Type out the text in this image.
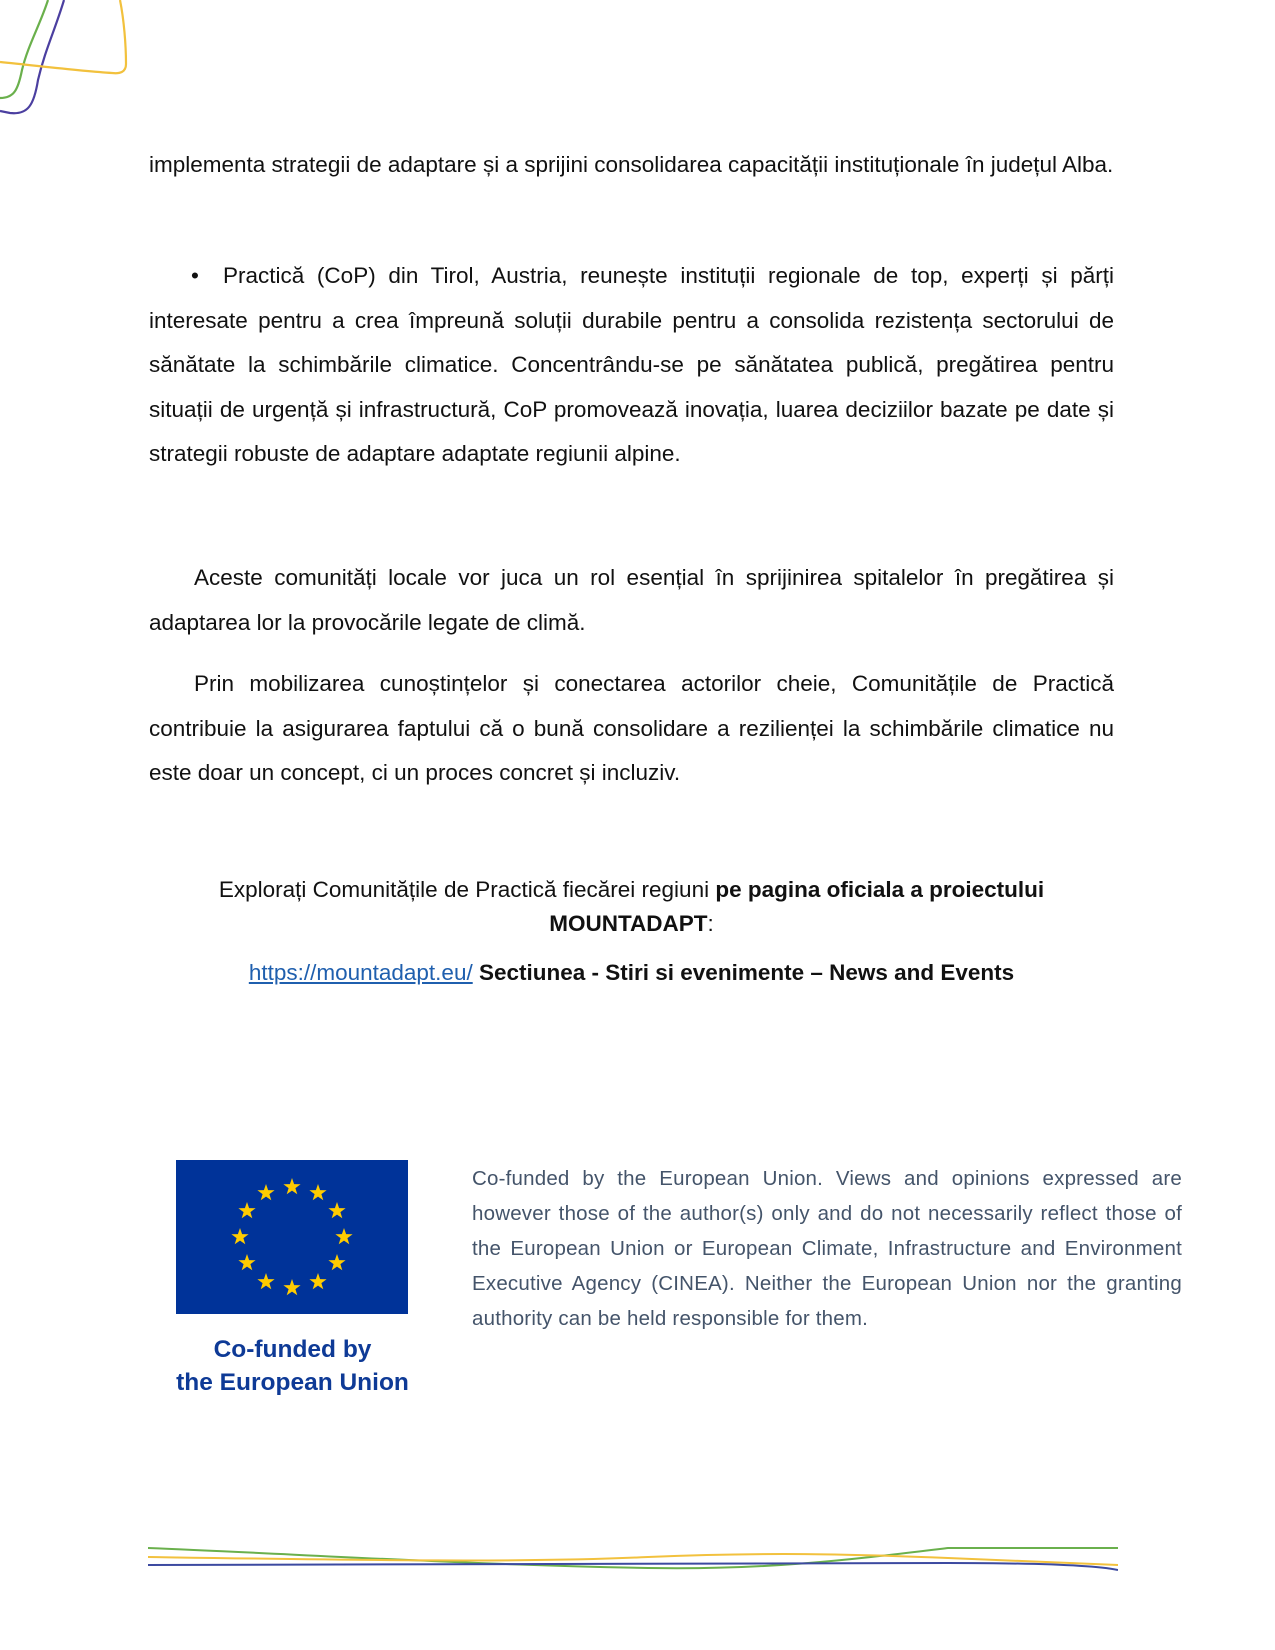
implementa strategii de adaptare și a sprijini consolidarea capacității instituționale în județul Alba.

• Practică (CoP) din Tirol, Austria, reunește instituții regionale de top, experți și părți interesate pentru a crea împreună soluții durabile pentru a consolida rezistența sectorului de sănătate la schimbările climatice. Concentrându-se pe sănătatea publică, pregătirea pentru situații de urgență și infrastructură, CoP promovează inovația, luarea deciziilor bazate pe date și strategii robuste de adaptare adaptate regiunii alpine.

Aceste comunități locale vor juca un rol esențial în sprijinirea spitalelor în pregătirea și adaptarea lor la provocările legate de climă.

Prin mobilizarea cunoștințelor și conectarea actorilor cheie, Comunitățile de Practică contribuie la asigurarea faptului că o bună consolidare a rezilienței la schimbările climatice nu este doar un concept, ci un proces concret și incluziv.

Explorați Comunitățile de Practică fiecărei regiuni pe pagina oficiala a proiectului MOUNTADAPT:
https://mountadapt.eu/ Sectiunea - Stiri si evenimente – News and Events
Co-funded by
the European Union
Co-funded by the European Union. Views and opinions expressed are however those of the author(s) only and do not necessarily reflect those of the European Union or European Climate, Infrastructure and Environment Executive Agency (CINEA). Neither the European Union nor the granting authority can be held responsible for them.
